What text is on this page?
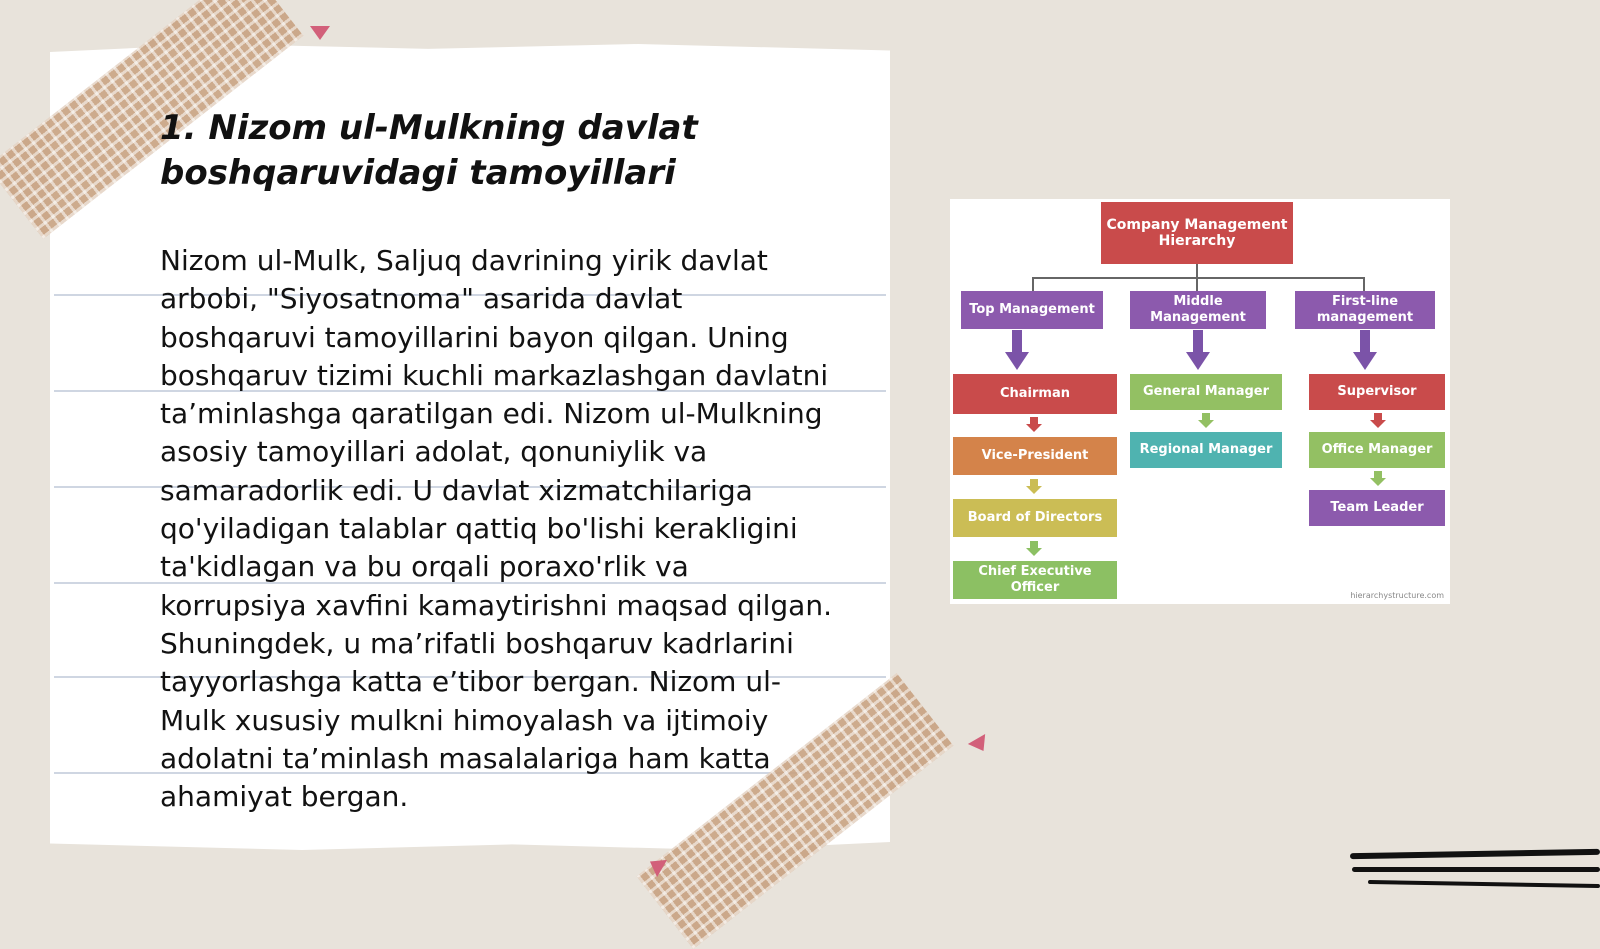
1. Nizom ul-Mulkning davlat boshqaruvidagi tamoyillari

Nizom ul-Mulk, Saljuq davrining yirik davlat arbobi, "Siyosatnoma" asarida davlat boshqaruvi tamoyillarini bayon qilgan. Uning boshqaruv tizimi kuchli markazlashgan davlatni ta’minlashga qaratilgan edi. Nizom ul-Mulkning asosiy tamoyillari adolat, qonuniylik va samaradorlik edi. U davlat xizmatchilariga qo'yiladigan talablar qattiq bo'lishi kerakligini ta'kidlagan va bu orqali poraxo'rlik va korrupsiya xavfini kamaytirishni maqsad qilgan. Shuningdek, u ma’rifatli boshqaruv kadrlarini tayyorlashga katta e’tibor bergan. Nizom ul-Mulk xususiy mulkni himoyalash va ijtimoiy adolatni ta’minlash masalalariga ham katta ahamiyat bergan.

Company Management Hierarchy
Top Management
Chairman
Vice-President
Board of Directors
Chief Executive Officer
Middle Management
General Manager
Regional Manager
First-line management
Supervisor
Office Manager
Team Leader
hierarchystructure.com
